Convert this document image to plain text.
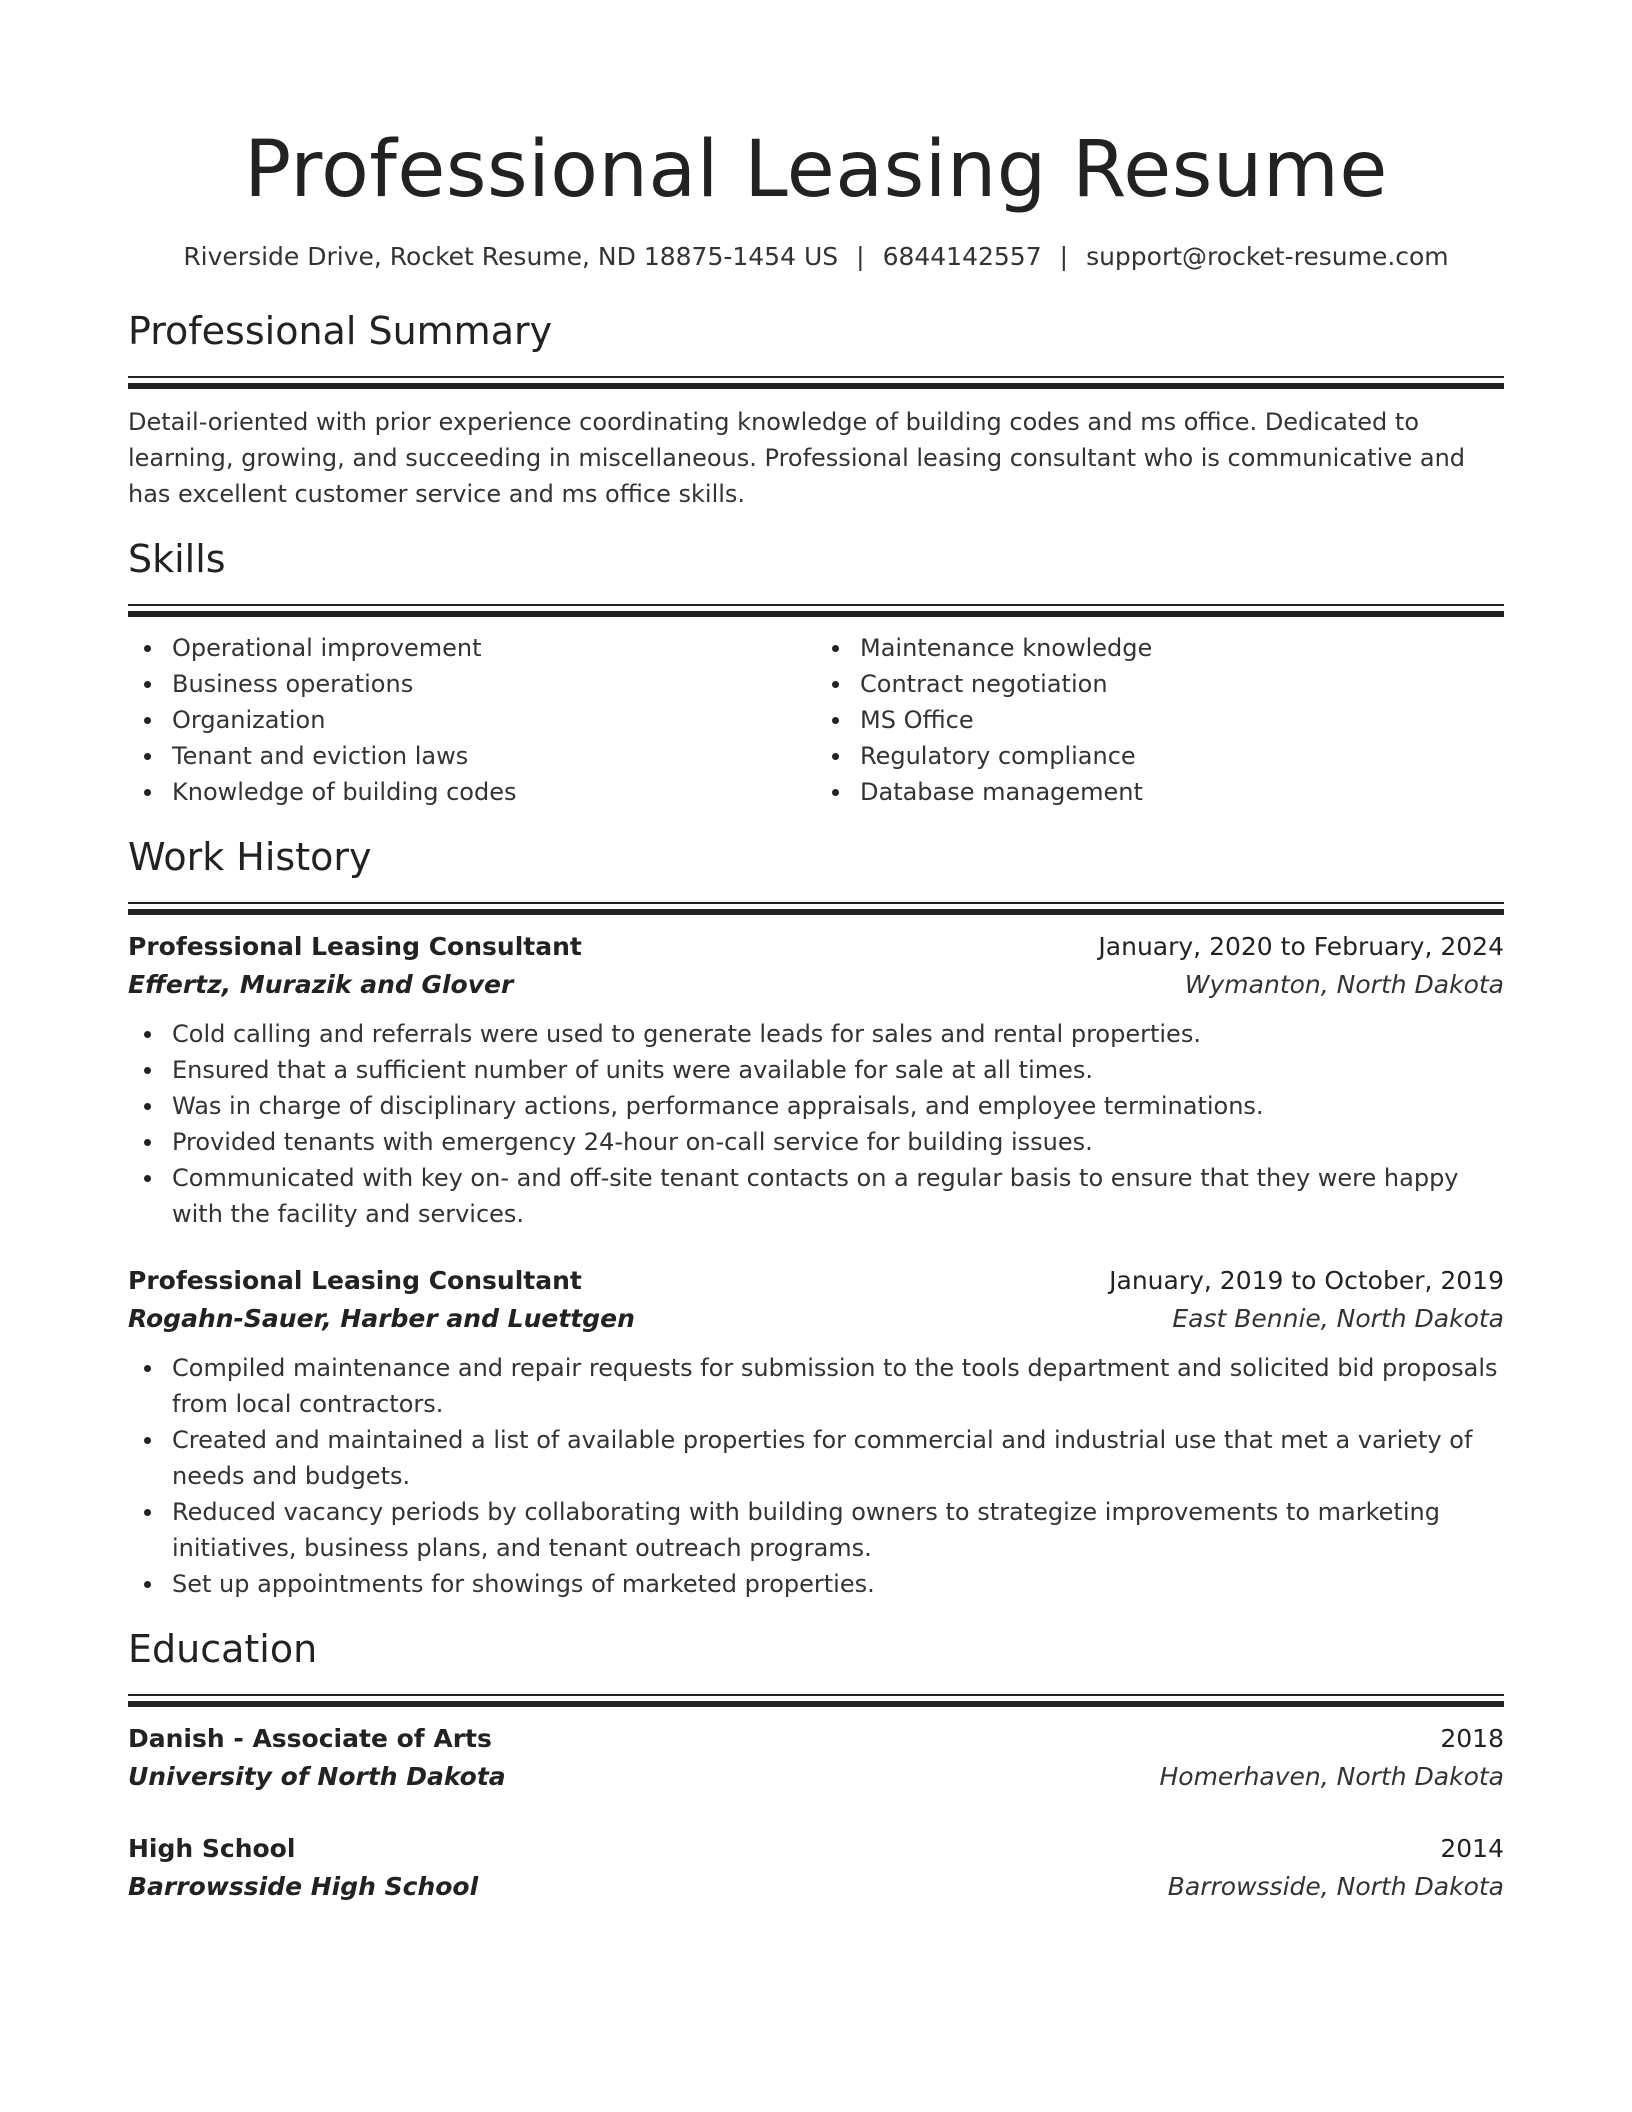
Professional Leasing Resume
Riverside Drive, Rocket Resume, ND 18875-1454 US | 6844142557 | support@rocket-resume.com
Professional Summary
Detail-oriented with prior experience coordinating knowledge of building codes and ms office. Dedicated to learning, growing, and succeeding in miscellaneous. Professional leasing consultant who is communicative and has excellent customer service and ms office skills.
Skills
Operational improvement
Business operations
Organization
Tenant and eviction laws
Knowledge of building codes
Maintenance knowledge
Contract negotiation
MS Office
Regulatory compliance
Database management
Work History
Professional Leasing Consultant	January, 2020 to February, 2024
Effertz, Murazik and Glover	Wymanton, North Dakota
Cold calling and referrals were used to generate leads for sales and rental properties.
Ensured that a sufficient number of units were available for sale at all times.
Was in charge of disciplinary actions, performance appraisals, and employee terminations.
Provided tenants with emergency 24-hour on-call service for building issues.
Communicated with key on- and off-site tenant contacts on a regular basis to ensure that they were happy with the facility and services.
Professional Leasing Consultant	January, 2019 to October, 2019
Rogahn-Sauer, Harber and Luettgen	East Bennie, North Dakota
Compiled maintenance and repair requests for submission to the tools department and solicited bid proposals from local contractors.
Created and maintained a list of available properties for commercial and industrial use that met a variety of needs and budgets.
Reduced vacancy periods by collaborating with building owners to strategize improvements to marketing initiatives, business plans, and tenant outreach programs.
Set up appointments for showings of marketed properties.
Education
Danish - Associate of Arts	2018
University of North Dakota	Homerhaven, North Dakota
High School	2014
Barrowsside High School	Barrowsside, North Dakota
